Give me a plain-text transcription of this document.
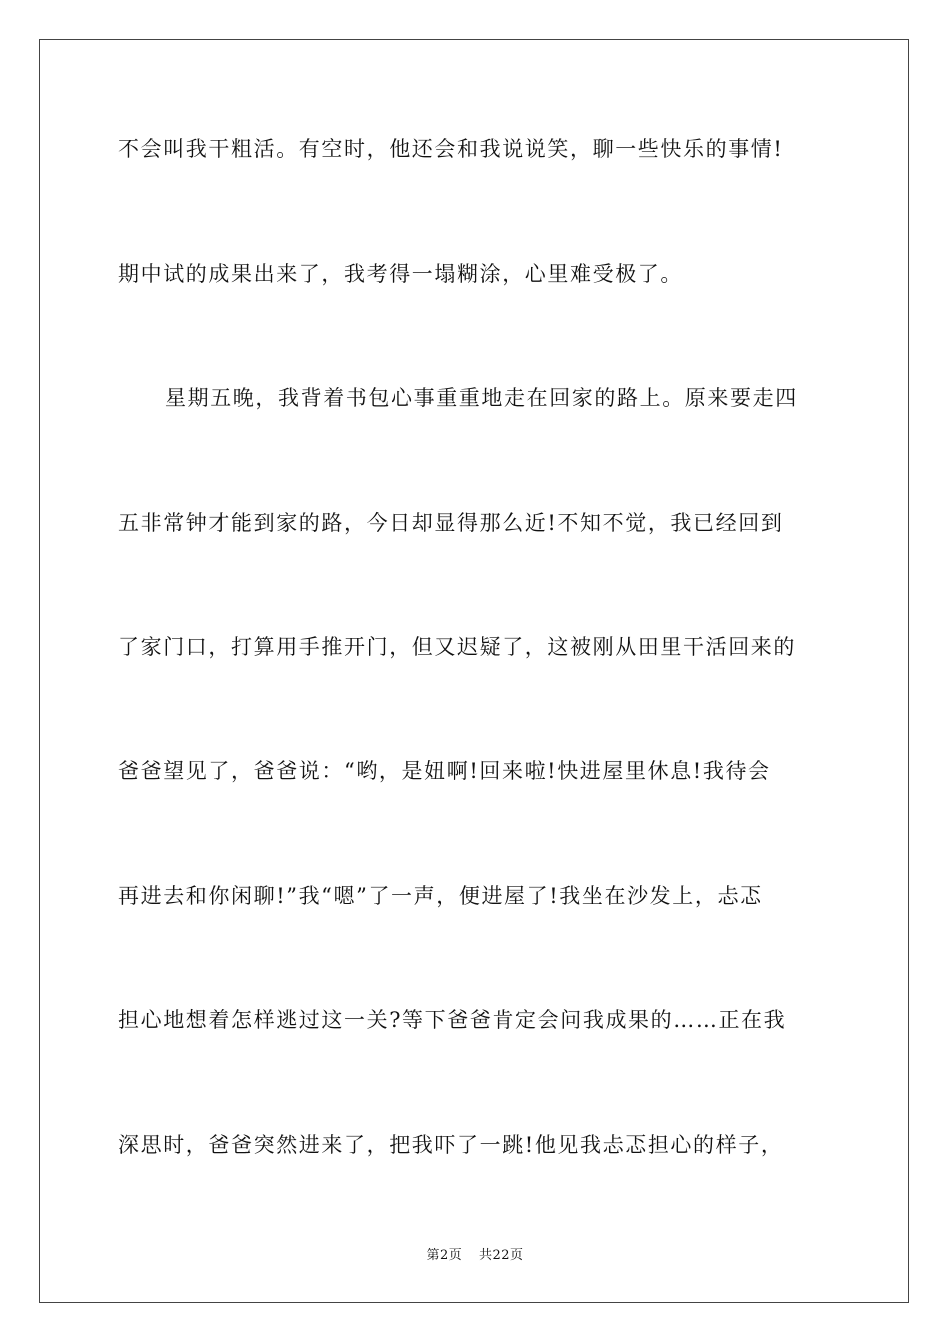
不会叫我干粗活。有空时，他还会和我说说笑，聊一些快乐的事情!
期中试的成果出来了，我考得一塌糊涂，心里难受极了。
星期五晚，我背着书包心事重重地走在回家的路上。原来要走四
五非常钟才能到家的路，今日却显得那么近!不知不觉，我已经回到
了家门口，打算用手推开门，但又迟疑了，这被刚从田里干活回来的
爸爸望见了，爸爸说：“哟，是妞啊!回来啦!快进屋里休息!我待会
再进去和你闲聊!”我“嗯”了一声，便进屋了!我坐在沙发上，忐忑
担心地想着怎样逃过这一关?等下爸爸肯定会问我成果的……正在我
深思时，爸爸突然进来了，把我吓了一跳!他见我忐忑担心的样子，
第2页 共22页
